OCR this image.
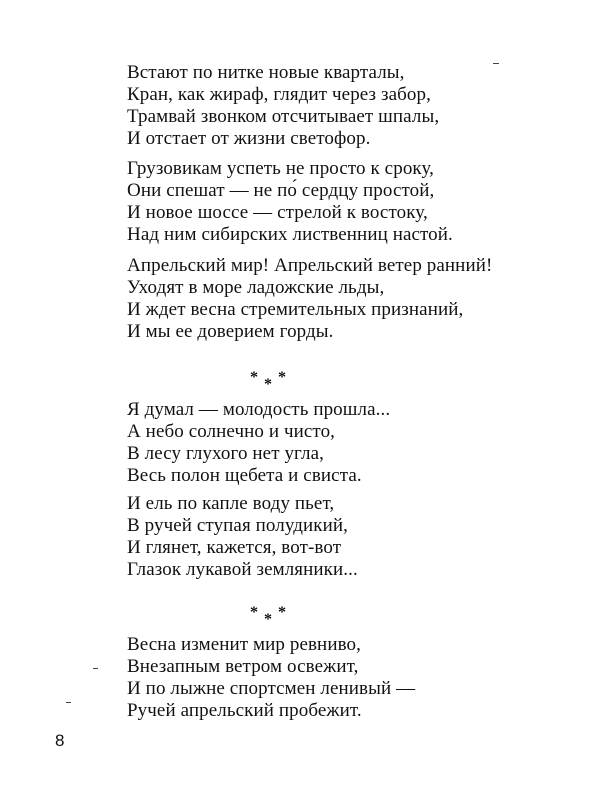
Встают по нитке новые кварталы,
Кран, как жираф, глядит через забор,
Трамвай звонком отсчитывает шпалы,
И отстает от жизни светофор.
Грузовикам успеть не просто к сроку,
Они спешат — не по́ сердцу простой,
И новое шоссе — стрелой к востоку,
Над ним сибирских лиственниц настой.
Апрельский мир! Апрельский ветер ранний!
Уходят в море ладожские льды,
И ждет весна стремительных признаний,
И мы ее доверием горды.
* * *
Я думал — молодость прошла...
А небо солнечно и чисто,
В лесу глухого нет угла,
Весь полон щебета и свиста.
И ель по капле воду пьет,
В ручей ступая полудикий,
И глянет, кажется, вот-вот
Глазок лукавой земляники...
* * *
Весна изменит мир ревниво,
Внезапным ветром освежит,
И по лыжне спортсмен ленивый —
Ручей апрельский пробежит.
8
